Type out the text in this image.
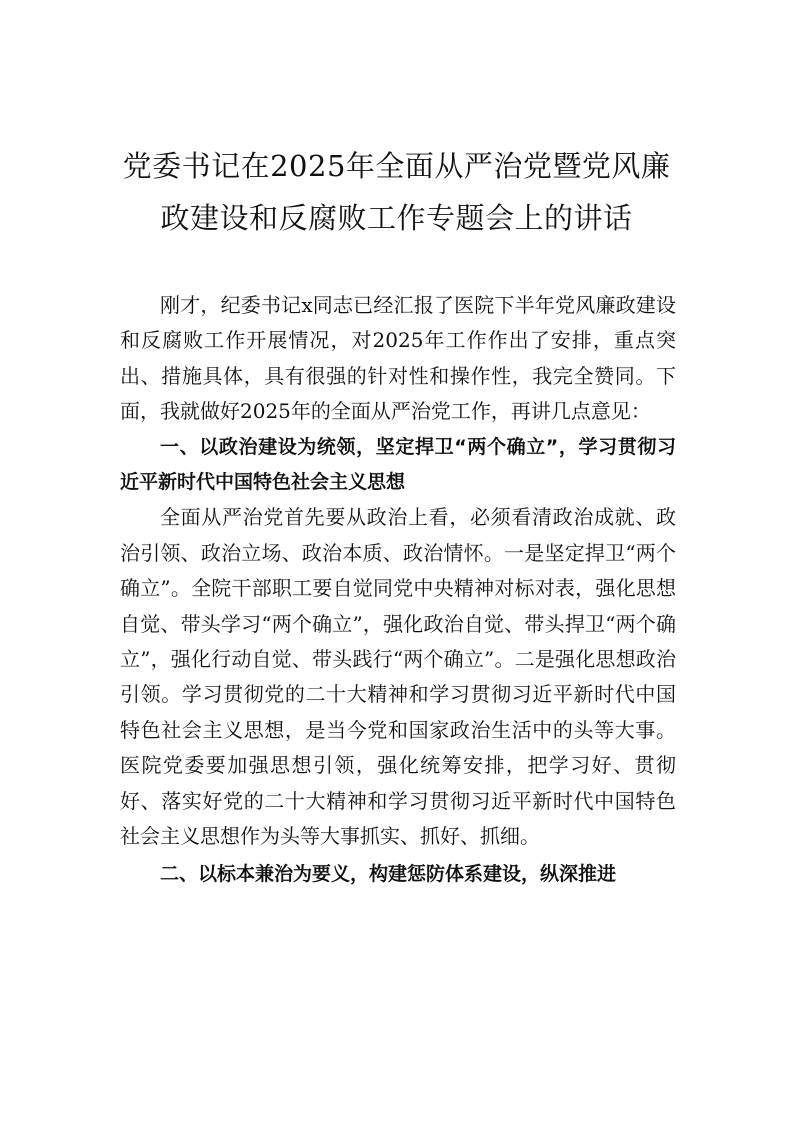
党委书记在2025年全面从严治党暨党风廉
政建设和反腐败工作专题会上的讲话

刚才，纪委书记x同志已经汇报了医院下半年党风廉政建设和反腐败工作开展情况，对2025年工作作出了安排，重点突出、措施具体，具有很强的针对性和操作性，我完全赞同。下面，我就做好2025年的全面从严治党工作，再讲几点意见：

一、以政治建设为统领，坚定捍卫“两个确立”，学习贯彻习近平新时代中国特色社会主义思想

全面从严治党首先要从政治上看，必须看清政治成就、政治引领、政治立场、政治本质、政治情怀。一是坚定捍卫“两个确立”。全院干部职工要自觉同党中央精神对标对表，强化思想自觉、带头学习“两个确立”，强化政治自觉、带头捍卫“两个确立”，强化行动自觉、带头践行“两个确立”。二是强化思想政治引领。学习贯彻党的二十大精神和学习贯彻习近平新时代中国特色社会主义思想，是当今党和国家政治生活中的头等大事。医院党委要加强思想引领，强化统筹安排，把学习好、贯彻好、落实好党的二十大精神和学习贯彻习近平新时代中国特色社会主义思想作为头等大事抓实、抓好、抓细。

二、以标本兼治为要义，构建惩防体系建设，纵深推进
